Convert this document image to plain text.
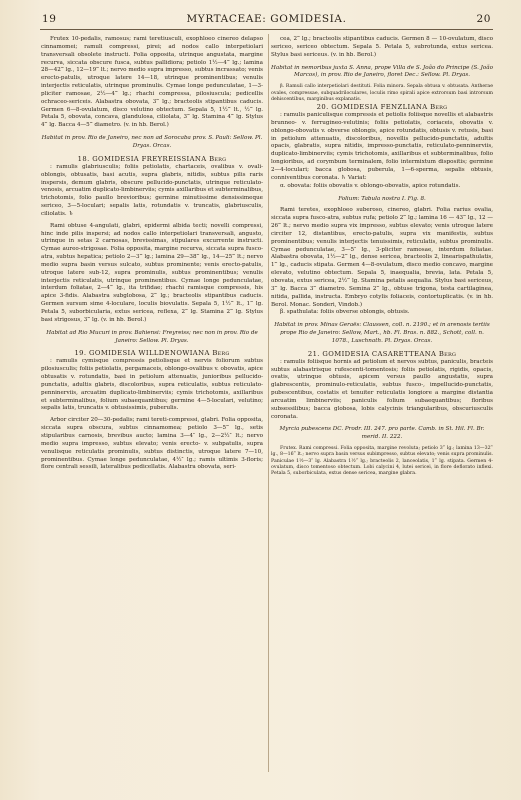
19	MYRTACEAE: GOMIDESIA.	20

Frutex 10-pedalis, ramosus; rami teretiusculi, exophloeo cinereo delapso cinnamomei; ramuli compressi, pirei; ad nodos callo interpetiolari transversali obsolete instructi. Folia opposita, utrinque angustata, margine recurva, siccata obscure fusca, subtus pallidiora; petiolo 1½—4‴ lg.; lamina 28—42‴ lg., 12—19‴ lt.; nervo medio supra impresso, subtus incrassato; venis erecto-patulis, utroque latere 14—18, utrinque prominentibus; venulis interjectis reticulatis, utrinque prominulis. Cymae longe pedunculatae, 1—3-pliciter ramosae, 2½—4‴ lg.; rhachi compressa, pilosiuscula; pedicellis ochraceo-sericeis. Alabastra obovata, 3‴ lg.; bracteolis stipantibus caducis. Germen 6—8-ovulatum, disco velutino obtectum. Sepala 5, 1½‴ lt., ½‴ lg. Petala 5, obovata, concava, glandulosa, ciliolata, 3‴ lg. Stamina 4‴ lg. Stylus 4‴ lg. Bacca 4—5‴ diametro. (v. in hb. Berol.)

Habitat in prov. Rio de Janeiro, nec non ad Sorocaba prov. S. Pauli: Sellow. Pl. Dryas. Orcas.

18. GOMIDESIA FREYREISSIANA Berg

: ramulis glabriusculis; foliis petiolatis, chartaceis, ovalibus v. ovali-oblongis, obtusatis, basi acutis, supra glabris, nitidis, subtus pilis raris inspersis, demum glabris, obscure pellucido-punctatis, utrinque reticulato-venosis, arcuatim duplicato-limbinerviis; cymis axillaribus et subterminalibus, trichotomis, folio paullo brevioribus; germine minutissime densissimeque sericeo, 3—5-loculari; sepalis latis, rotundatis v. truncatis, glabriusculis, ciliolatis. ♄

Rami obtuse 4-angulati, glabri, epidermi albida tecti; novelli compressi, hinc inde pilis inspersi; ad nodos callo interpetiolari transversali, angusto, utrinque in setas 2 carnosas, brevissimas, stipulares excurrente instructi. Cymae aureo-strigosae. Folia opposita, margine recurva, siccata supra fusco-atra, subtus hepatica; petiolo 2—3‴ lg.; lamina 29—38‴ lg., 14—25‴ lt.; nervo medio supra basin versus sulcato, subtus prominente; venis erecto-patulis, utroque latere sub-12, supra prominulis, subtus prominentibus; venulis interjectis reticulatis, utrinque prominentibus. Cymae longe pedunculatae, interdum foliatae, 2—4‴ lg., ita trifidae; rhachi ramisque compressis, his apice 3-fidis. Alabastra subglobosa, 2‴ lg.; bracteolis stipantibus caducis. Germen sursum sime 4-loculare, loculis biovulatis. Sepala 5, 1½‴ lt., 1‴ lg. Petala 5, suborbicularia, extus sericea, reflexa, 2‴ lg. Stamina 2‴ lg. Stylus basi strigosus, 3‴ lg. (v. in hb. Berol.)

Habitat ad Rio Mucuri in prov. Bahiensi: Freyreiss; nec non in prov. Rio de Janeiro: Sellow. Pl. Dryas.

19. GOMIDESIA WILLDENOWIANA Berg

: ramulis cymisque compressis petiolisque et nervis foliorum subtus pilosiusculis; foliis petiolatis, pergamaceis, oblongo-ovalibus v. obovatis, apice obtusatis v. rotundatis, basi in petiolum attenuatis, junioribus pellucido-punctatis, adultis glabris, discoloribus, supra reticulatis, subtus reticulato-penninerviis, arcuatim duplicato-limbinerviis; cymis trichotomis, axillaribus et subterminalibus, folium subaequantibus; germine 4—5-loculari, velutino; sepalis latis, truncatis v. obtusissimis, puberulis.

Arbor circiter 20—30-pedalis; rami tereti-compressi, glabri. Folia opposita, siccata supra obscura, subtus cinnamomea; petiolo 3—5‴ lg., setis stipularibus carnosis, brevibus aucto; lamina 3—4″ lg., 2—2½″ lt.; nervo medio supra impresso, subtus elevato; venis erecto- v. subpatulis, supra venulisque reticulatis prominulis, subtus distinctis, utroque latere 7—10, prominentibus. Cymae longe pedunculatae, 4½″ lg.; ramis ultimis 3-floris; flore centrali sessili, lateralibus pedicellatis. Alabastra obovata, seri-

cea, 2‴ lg.; bracteolis stipantibus caducis. Germen 8 — 10-ovulatum, disco sericeo, sericeo obtectum. Sepala 5. Petala 5, subrotunda, extus sericea. Stylus basi sericeus. (v. in hb. Berol.)

Habitat in nemoribus juxta S. Anna, prope Villa de S. João do Principe (S. João Marcos), in prov. Rio de Janeiro, floret Dec.: Sellow. Pl. Dryas.

β. Ramuli callo interpetiolari destituti. Folia minora. Sepala obtusa v. obtusata. Antherae ovales, compressae, subquadriloculares, loculis rimo spirali apice extrorsum basi introrsum dehiscentibus, marginibus explanatis.

20. GOMIDESIA FENZLIANA Berg

: ramulis paniculisque compressis et petiolis foliisque novellis et alabastris brunneo- v. ferrugineo-velutinis; foliis petiolatis, coriaceis, obovatis v. oblongo-obovatis v. obverse oblongis, apice rotundatis, obtusis v. retusis, basi in petiolum attenuatis, discoloribus, novellis pellucido-punctatis, adultis opacis, glabratis, supra nitidis, impresso-punctatis, reticulato-penninerviis, duplicato-limbinerviis; cymis trichotomis, axillaribus et subterminalibus, folio longioribus, ad corymbum terminalem, folio intermixtum dispositis; germine 2—4-loculari; bacca globosa, puberula, 1—6-sperma, sepalis obtusis, conniventibus coronata. ♄ Variat:

α. obovata: foliis obovatis v. oblongo-obovatis, apice rotundatis.

Folium: Tabula nostra I. Fig. 8.

Rami teretes, exophloeo suberoso, cinereo, glabri. Folia rarius ovalia, siccata supra fusco-atra, subtus rufa; petiolo 2‴ lg.; lamina 16 — 43‴ lg., 12 — 26‴ lt.; nervo medio supra vix impresso, subtus elevato; venis utroque latere circiter 12, distantibus, erecto-patulis, supra vix manifestis, subtus prominentibus; venulis interjectis tenuissimis, reticulatis, subtus prominulis. Cymae pedunculatae, 3—5″ lg., 3-pliciter ramosae, interdum foliatae. Alabastra obovata, 1½—2‴ lg., dense sericea, bracteolis 2, linearispathulatis, 1‴ lg., caducis stipata. Germen 4—8-ovulatum, disco medio concavo, margine elevato, velutino obtectum. Sepala 5, inaequalia, brevia, lata. Petala 5, obovata, extus sericea, 2½‴ lg. Stamina petalis aequalia. Stylus basi sericeus, 3‴ lg. Bacca 3‴ diametro. Semina 2‴ lg., obtuse trigona, testa cartilaginea, nitida, pallida, instructa. Embryo cotylis foliaceis, contortuplicatis. (v. in hb. Berol. Monac. Sonderi, Vindob.)

β. spathulata: foliis obverse oblongis, obtusis.

Habitat in prov. Minas Geraës: Claussen, coll. n. 2190.; et in arenosis tertiis prope Rio de Janeiro: Sellow, Mart., hb. Fl. Bras. n. 882., Schott, coll. n. 1078., Luschnath. Pl. Dryas. Orcas.

21. GOMIDESIA CASARETTEANA Berg

: ramulis foliisque hornis ad petiolum et nervos subtus, paniculis, bracteis subtus alabastrisque rufescenti-tomentosis; foliis petiolatis, rigidis, opacis, ovatis, utrinque obtusis, apicem versus paullo angustatis, supra glabrescentis, prominulo-reticulatis, subtus fusco-, impellucido-punctatis, pubescentibus, costatis et tenuiter reticulatis longiore a margine distantia arcuatim limbinerviis; paniculis folium subaequantibus; floribus subsessilibus; bacca globosa, lobis calycinis triangularibus, obscuriusculis coronata.

Myrcia pubescens DC. Prodr. III. 247. pro parte. Camb. in St. Hil. Fl. Br. merid. II. 222.

Frutex. Rami compressi. Folia opposita, margine revoluta; petiolo 3‴ lg.; lamina 13—32‴ lg., 8—16‴ lt.; nervo supra basin versus subimpresso, subtus elevato; venis supra prominulis. Paniculae 1½—3″ lg. Alabastra 1½‴ lg.; bracteolis 2, lanceolatis, 1‴ lg. stipata. Germen 4-ovulatum, disco tomentoso obtectum. Lobi calycini 4, lutei sericei, in flore deflorato inflexi. Petala 5, suborbiculata, extus dense sericea, margine glabra.
